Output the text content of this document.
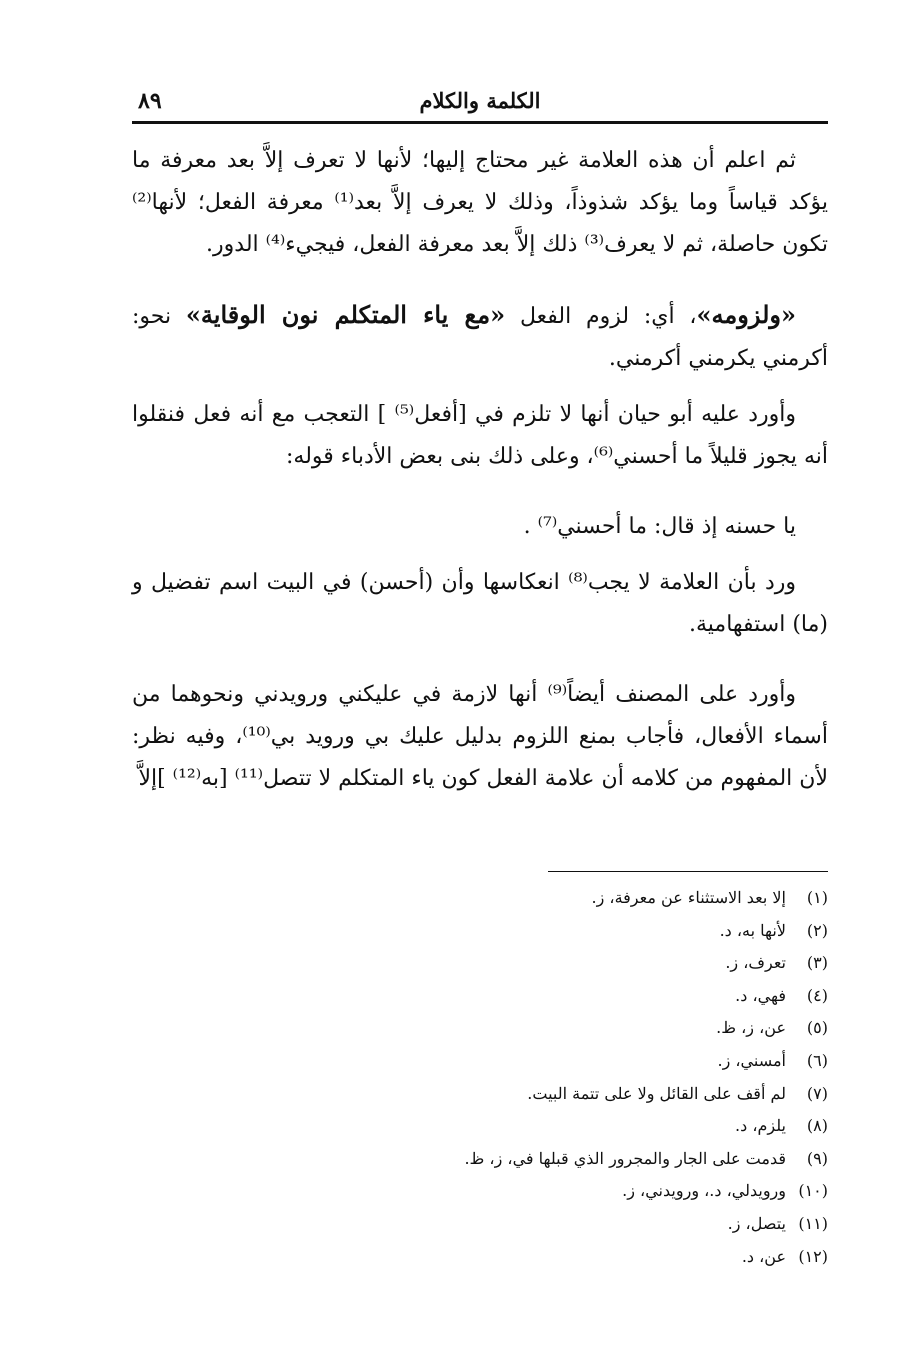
الكلمة والكلام
٨٩

ثم اعلم أن هذه العلامة غير محتاج إليها؛ لأنها لا تعرف إلاَّ بعد معرفة ما يؤكد قياساً وما يؤكد شذوذاً، وذلك لا يعرف إلاَّ بعد⁽¹⁾ معرفة الفعل؛ لأنها⁽²⁾ تكون حاصلة، ثم لا يعرف⁽³⁾ ذلك إلاَّ بعد معرفة الفعل، فيجيء⁽⁴⁾ الدور.

«ولزومه»، أي: لزوم الفعل «مع ياء المتكلم نون الوقاية» نحو: أكرمني يكرمني أكرمني.

وأورد عليه أبو حيان أنها لا تلزم في [أفعل⁽⁵⁾ ] التعجب مع أنه فعل فنقلوا أنه يجوز قليلاً ما أحسني⁽⁶⁾، وعلى ذلك بنى بعض الأدباء قوله:

يا حسنه إذ قال: ما أحسني⁽⁷⁾ .

ورد بأن العلامة لا يجب⁽⁸⁾ انعكاسها وأن (أحسن) في البيت اسم تفضيل و (ما) استفهامية.

وأورد على المصنف أيضاً⁽⁹⁾ أنها لازمة في عليكني ورويدني ونحوهما من أسماء الأفعال، فأجاب بمنع اللزوم بدليل عليك بي وروید بي⁽¹⁰⁾، وفيه نظر: لأن المفهوم من كلامه أن علامة الفعل كون ياء المتكلم لا تتصل⁽¹¹⁾ [به⁽¹²⁾ ]إلاَّ

(١)إلا بعد الاستثناء عن معرفة، ز.
(٢)لأنها به، د.
(٣)تعرف، ز.
(٤)فهي، د.
(٥)عن، ز، ظ.
(٦)أمسني، ز.
(٧)لم أقف على القائل ولا على تتمة البيت.
(٨)يلزم، د.
(٩)قدمت على الجار والمجرور الذي قبلها في، ز، ظ.
(١٠)ورويدلي، د.، ورويدني، ز.
(١١)يتصل، ز.
(١٢)عن، د.
